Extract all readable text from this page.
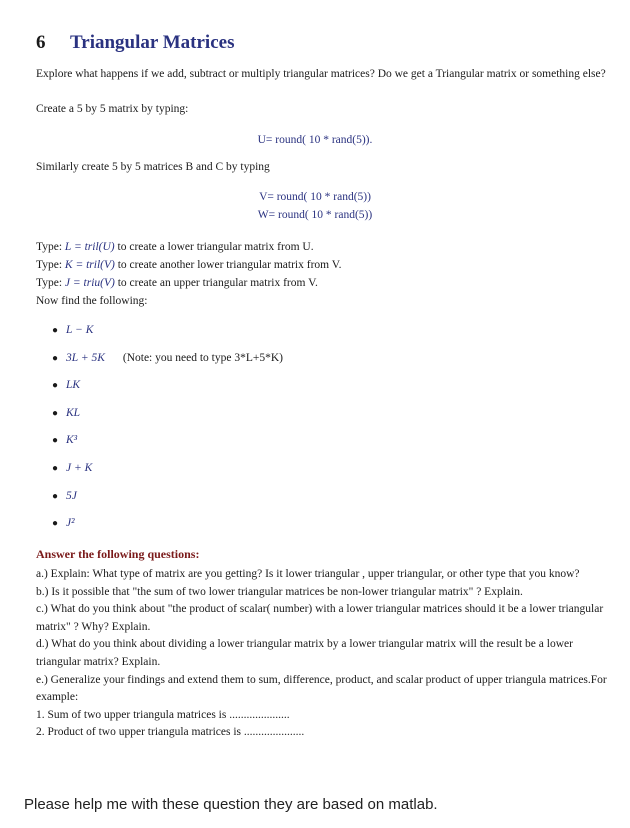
6 Triangular Matrices

Explore what happens if we add, subtract or multiply triangular matrices? Do we get a Triangular matrix or something else?

Create a 5 by 5 matrix by typing:

U= round( 10 * rand(5)).

Similarly create 5 by 5 matrices B and C by typing

V= round( 10 * rand(5))
W= round( 10 * rand(5))

Type: L = tril(U) to create a lower triangular matrix from U.

Type: K = tril(V) to create another lower triangular matrix from V.

Type: J = triu(V) to create an upper triangular matrix from V.

Now find the following:

● L − K
● 3L + 5K (Note: you need to type 3*L+5*K)
● LK
● KL
● K³
● J + K
● 5J
● J²
Answer the following questions:

a.) Explain: What type of matrix are you getting? Is it lower triangular , upper triangular, or other type that you know?

b.) Is it possible that "the sum of two lower triangular matrices be non-lower triangular matrix" ? Explain.

c.) What do you think about "the product of scalar( number) with a lower triangular matrices should it be a lower triangular matrix" ? Why? Explain.

d.) What do you think about dividing a lower triangular matrix by a lower triangular matrix will the result be a lower triangular matrix? Explain.

e.) Generalize your findings and extend them to sum, difference, product, and scalar product of upper triangula matrices.For example:

1. Sum of two upper triangula matrices is .....................

2. Product of two upper triangula matrices is .....................

Please help me with these question they are based on matlab.
